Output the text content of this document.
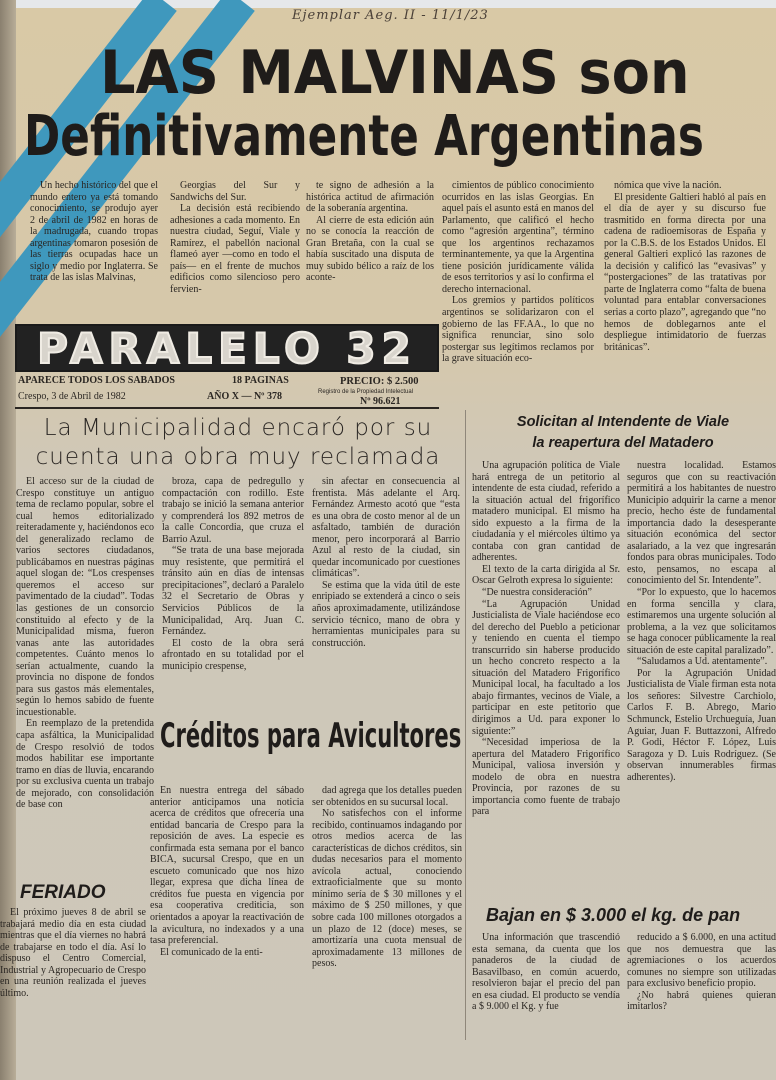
Ejemplar Aeg. II - 11/1/23
LAS MALVINAS son
Definitivamente Argentinas

Un hecho histórico del que el mundo entero ya está tomando conocimiento, se produjo ayer 2 de abril de 1982 en horas de la madrugada, cuando tropas argentinas tomaron posesión de las tierras ocupadas hace un siglo y medio por Inglaterra. Se trata de las islas Malvinas,

Georgias del Sur y Sandwichs del Sur.

La decisión está recibiendo adhesiones a cada momento. En nuestra ciudad, Seguí, Viale y Ramírez, el pabellón nacional flameó ayer —como en todo el país— en el frente de muchos edificios como silencioso pero fervien-

te signo de adhesión a la histórica actitud de afirmación de la soberanía argentina.

Al cierre de esta edición aún no se conocía la reacción de Gran Bretaña, con la cual se había suscitado una disputa de muy subido bélico a raíz de los aconte-

cimientos de público conocimiento ocurridos en las islas Georgias. En aquel país el asunto está en manos del Parlamento, que calificó el hecho como “agresión argentina”, término que los argentinos rechazamos terminantemente, ya que la Argentina tiene posición jurídicamente válida de esos territorios y así lo confirma el derecho internacional.

Los gremios y partidos políticos argentinos se solidarizaron con el gobierno de las FF.AA., lo que no significa renunciar, sino solo postergar sus legítimos reclamos por la grave situación eco-

nómica que vive la nación.

El presidente Galtieri habló al país en el día de ayer y su discurso fue trasmitido en forma directa por una cadena de radioemisoras de España y por la C.B.S. de los Estados Unidos. El general Galtieri explicó las razones de la decisión y calificó las “evasivas” y “postergaciones” de las tratativas por parte de Inglaterra como “falta de buena voluntad para entablar conversaciones serias a corto plazo”, agregando que “no hemos de doblegarnos ante el despliegue intimidatorio de fuerzas británicas”.

PARALELO 32
APARECE TODOS LOS SABADOS	18 PAGINAS	PRECIO: $ 2.500
Registro de la Propiedad Intelectual
Crespo, 3 de Abril de 1982	AÑO X — Nº 378	Nº 96.621
La Municipalidad encaró por su
cuenta una obra muy reclamada

El acceso sur de la ciudad de Crespo constituye un antiguo tema de reclamo popular, sobre el cual hemos editorializado reiteradamente y, haciéndonos eco del generalizado reclamo de varios sectores ciudadanos, publicábamos en nuestras páginas aquel slogan de: “Los crespenses queremos el acceso sur pavimentado de la ciudad”. Todas las gestiones de un consorcio constituido al efecto y de la Municipalidad misma, fueron vanas ante las autoridades competentes. Cuánto menos lo serían actualmente, cuando la provincia no dispone de fondos para sus gastos más elementales, según lo hemos sabido de fuente incuestionable.

En reemplazo de la pretendida capa asfáltica, la Municipalidad de Crespo resolvió de todos modos habilitar ese importante tramo en días de lluvia, encarando por su exclusiva cuenta un trabajo de mejorado, con consolidación de base con

broza, capa de pedregullo y compactación con rodillo. Este trabajo se inició la semana anterior y comprenderá los 892 metros de la calle Concordia, que cruza el Barrio Azul.

“Se trata de una base mejorada muy resistente, que permitirá el tránsito aún en días de intensas precipitaciones”, declaró a Paralelo 32 el Secretario de Obras y Servicios Públicos de la Municipalidad, Arq. Juan C. Fernández.

El costo de la obra será afrontado en su totalidad por el municipio crespense,

sin afectar en consecuencia al frentista. Más adelante el Arq. Fernández Armesto acotó que “esta es una obra de costo menor al de un asfaltado, también de duración menor, pero incorporará al Barrio Azul al resto de la ciudad, sin quedar incomunicado por cuestiones climáticas”.

Se estima que la vida útil de este enripiado se extenderá a cinco o seis años aproximadamente, utilizándose servicio técnico, mano de obra y herramientas municipales para su construcción.

FERIADO

El próximo jueves 8 de abril se trabajará medio día en esta ciudad mientras que el día viernes no habrá de trabajarse en todo el día. Así lo dispuso el Centro Comercial, Industrial y Agropecuario de Crespo en una reunión realizada el jueves último.

Créditos para Avicultores

En nuestra entrega del sábado anterior anticipamos una noticia acerca de créditos que ofrecería una entidad bancaria de Crespo para la reposición de aves. La especie es confirmada esta semana por el banco BICA, sucursal Crespo, que en un escueto comunicado que nos hizo llegar, expresa que dicha línea de créditos fue puesta en vigencia por esa cooperativa crediticia, son orientados a apoyar la reactivación de la avicultura, no indexados y a una tasa preferencial.

El comunicado de la enti-

dad agrega que los detalles pueden ser obtenidos en su sucursal local.

No satisfechos con el informe recibido, continuamos indagando por otros medios acerca de las características de dichos créditos, sin dudas necesarios para el momento avícola actual, conociendo extraoficialmente que su monto mínimo sería de $ 30 millones y el máximo de $ 250 millones, y que sobre cada 100 millones otorgados a un plazo de 12 (doce) meses, se amortizaría una cuota mensual de aproximadamente 13 millones de pesos.

Solicitan al Intendente de Viale
la reapertura del Matadero

Una agrupación política de Viale hará entrega de un petitorio al intendente de esta ciudad, referido a la situación actual del frigorífico matadero municipal. El mismo ha sido expuesto a la firma de la ciudadanía y el miércoles último ya contaba con gran cantidad de adherentes.

El texto de la carta dirigida al Sr. Oscar Gelroth expresa lo siguiente:

“De nuestra consideración”

“La Agrupación Unidad Justicialista de Viale haciéndose eco del derecho del Pueblo a peticionar y teniendo en cuenta el tiempo transcurrido sin haberse producido un hecho concreto respecto a la situación del Matadero Frigorífico Municipal local, ha facultado a los abajo firmantes, vecinos de Viale, a participar en este petitorio que dirigimos a Ud. para exponer lo siguiente:”

“Necesidad imperiosa de la apertura del Matadero Frigorífico Municipal, valiosa inversión y modelo de obra en nuestra Provincia, por razones de su importancia como fuente de trabajo para

nuestra localidad. Estamos seguros que con su reactivación permitirá a los habitantes de nuestro Municipio adquirir la carne a menor precio, hecho éste de fundamental importancia dado la desesperante situación económica del sector asalariado, a la vez que ingresarán fondos para obras municipales. Todo esto, pensamos, no escapa al conocimiento del Sr. Intendente”.

“Por lo expuesto, que lo hacemos en forma sencilla y clara, estimaremos una urgente solución al problema, a la vez que solicitamos se haga conocer públicamente la real situación de este capital paralizado”.

“Saludamos a Ud. atentamente”.

Por la Agrupación Unidad Justicialista de Viale firman esta nota los señores: Silvestre Carchiolo, Carlos F. B. Abrego, Mario Schmunck, Estelio Urchueguía, Juan Aguiar, Juan F. Buttazzoni, Alfredo P. Godi, Héctor F. López, Luis Saragoza y D. Luis Rodríguez. (Se observan innumerables firmas adherentes).

Bajan en $ 3.000 el kg. de pan

Una información que trascendió esta semana, da cuenta que los panaderos de la ciudad de Basavilbaso, en común acuerdo, resolvieron bajar el precio del pan en esa ciudad. El producto se vendía a $ 9.000 el Kg. y fue

reducido a $ 6.000, en una actitud que nos demuestra que las agremiaciones o los acuerdos comunes no siempre son utilizadas para exclusivo beneficio propio.

¿No habrá quienes quieran imitarlos?
